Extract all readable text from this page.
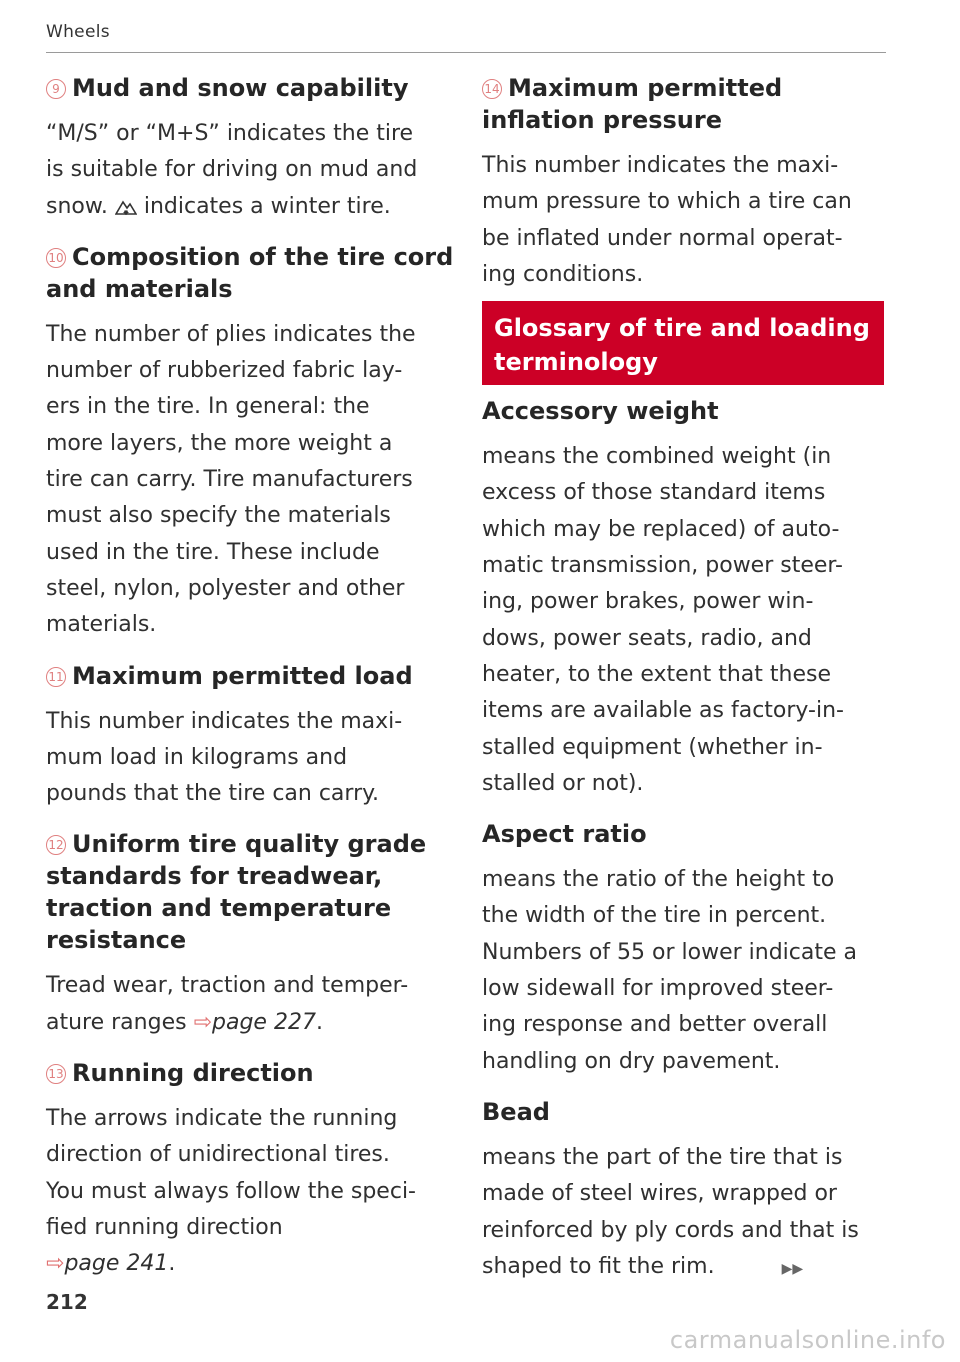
Wheels
9 Mud and snow capability

“M/S” or “M+S” indicates the tire

is suitable for driving on mud and

snow. indicates a winter tire.

10 Composition of the tire cord
and materials

The number of plies indicates the

number of rubberized fabric lay-

ers in the tire. In general: the

more layers, the more weight a

tire can carry. Tire manufacturers

must also specify the materials

used in the tire. These include

steel, nylon, polyester and other

materials.

11 Maximum permitted load

This number indicates the maxi-

mum load in kilograms and

pounds that the tire can carry.

12 Uniform tire quality grade
standards for treadwear,
traction and temperature
resistance

Tread wear, traction and temper-

ature ranges ⇨page 227.

13 Running direction

The arrows indicate the running

direction of unidirectional tires.

You must always follow the speci-

fied running direction

⇨page 241.

14 Maximum permitted
inflation pressure

This number indicates the maxi-

mum pressure to which a tire can

be inflated under normal operat-

ing conditions.

Glossary of tire and loading
terminology
Accessory weight

means the combined weight (in

excess of those standard items

which may be replaced) of auto-

matic transmission, power steer-

ing, power brakes, power win-

dows, power seats, radio, and

heater, to the extent that these

items are available as factory-in-

stalled equipment (whether in-

stalled or not).

Aspect ratio

means the ratio of the height to

the width of the tire in percent.

Numbers of 55 or lower indicate a

low sidewall for improved steer-

ing response and better overall

handling on dry pavement.

Bead

means the part of the tire that is

made of steel wires, wrapped or

reinforced by ply cords and that is

shaped to fit the rim.	▶▶

212
carmanualsonline.info
